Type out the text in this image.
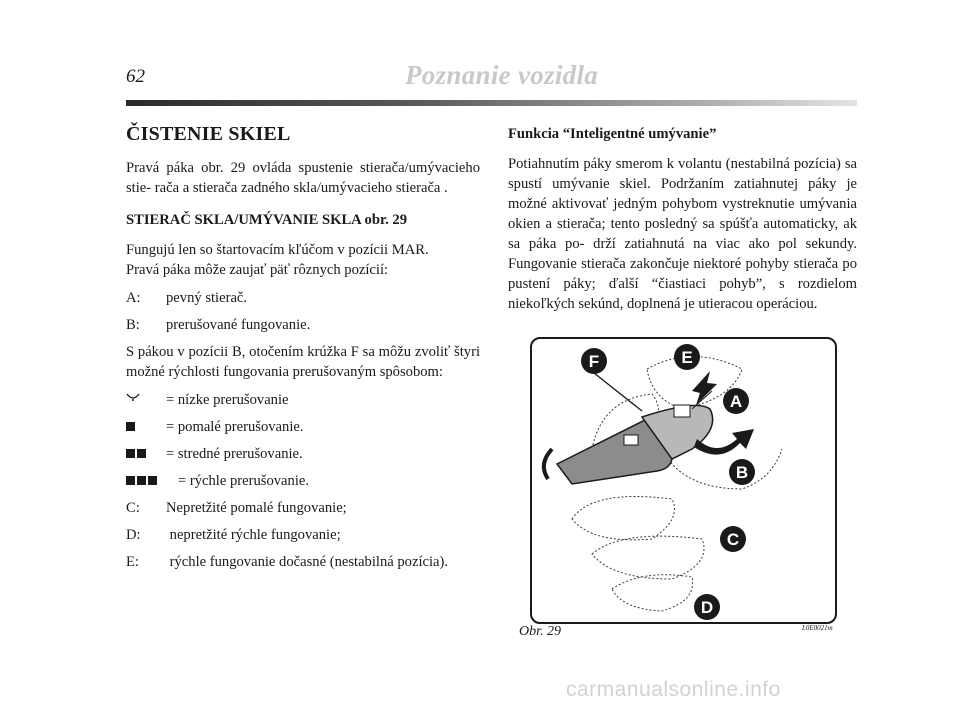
62	Poznanie vozidla
ČISTENIE SKIEL

Pravá páka obr. 29 ovláda spustenie stierača/umývacieho stie- rača a stierača zadného skla/umývacieho stierača .

STIERAČ SKLA/UMÝVANIE SKLA obr. 29

Fungujú len so štartovacím kľúčom v pozícii MAR.

Pravá páka môže zaujať päť rôznych pozícií:

A:	pevný stierač.
B:	prerušované fungovanie.

S pákou v pozícii B, otočením krúžka F sa môžu zvoliť štyri možné rýchlosti fungovania prerušovaným spôsobom:

= nízke prerušovanie
= pomalé prerušovanie.
= stredné prerušovanie.
= rýchle prerušovanie.
C:	Nepretžité pomalé fungovanie;
D:	nepretžité rýchle fungovanie;
E:	rýchle fungovanie dočasné (nestabilná pozícia).
Funkcia “Inteligentné umývanie”

Potiahnutím páky smerom k volantu (nestabilná pozícia) sa spustí umývanie skiel. Podržaním zatiahnutej páky je možné aktivovať jedným pohybom vystreknutie umývania okien a stierača; tento posledný sa spúšťa automaticky, ak sa páka po- drží zatiahnutá na viac ako pol sekundy. Fungovanie stierača zakončuje niektoré pohyby stierača po pustení páky; ďalší “čiastiaci pohyb”, s rozdielom niekoľkých sekúnd, doplnená je utieracou operáciou.

F	E
A
B
C
D
Obr. 29	L0E0021m
carmanualsonline.info
